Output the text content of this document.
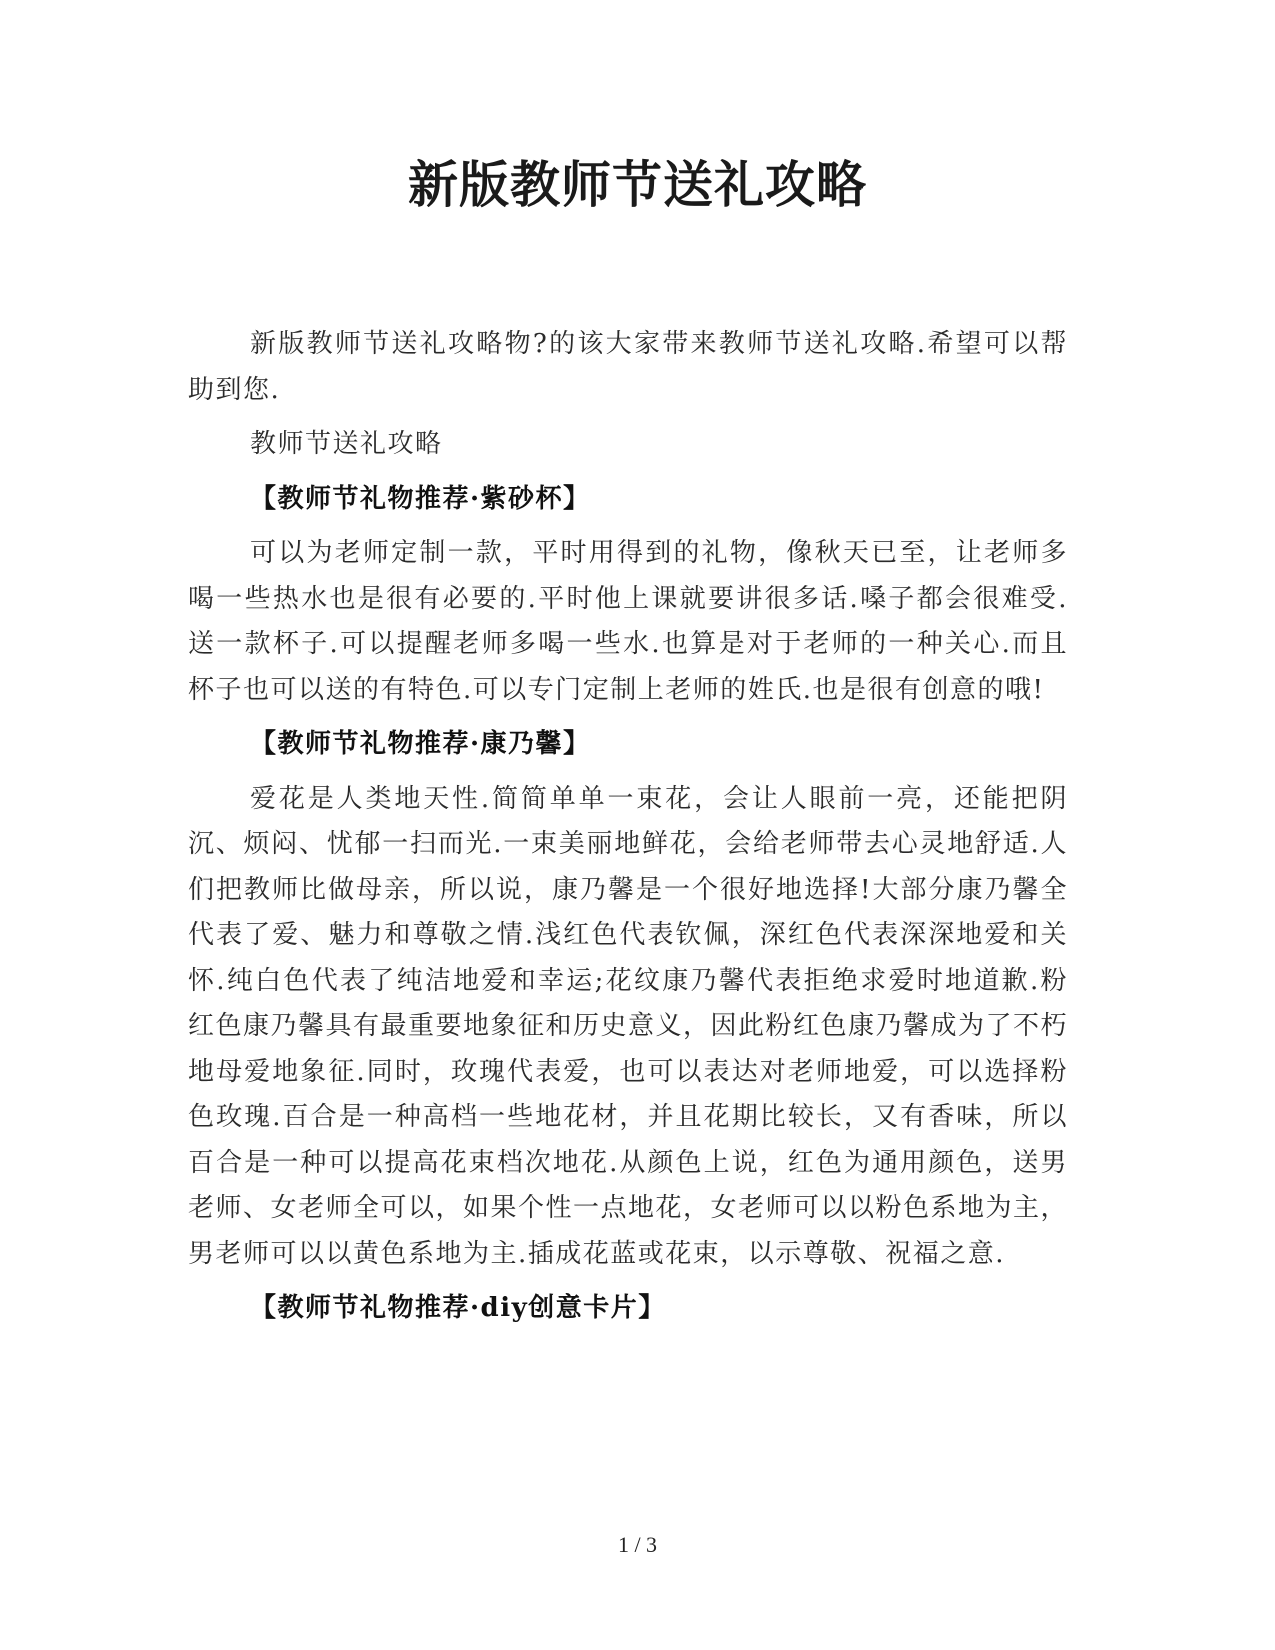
新版教师节送礼攻略

新版教师节送礼攻略物?的该大家带来教师节送礼攻略.希望可以帮助到您.

教师节送礼攻略

【教师节礼物推荐·紫砂杯】

可以为老师定制一款，平时用得到的礼物，像秋天已至，让老师多喝一些热水也是很有必要的.平时他上课就要讲很多话.嗓子都会很难受.送一款杯子.可以提醒老师多喝一些水.也算是对于老师的一种关心.而且杯子也可以送的有特色.可以专门定制上老师的姓氏.也是很有创意的哦!

【教师节礼物推荐·康乃馨】

爱花是人类地天性.简简单单一束花，会让人眼前一亮，还能把阴沉、烦闷、忧郁一扫而光.一束美丽地鲜花，会给老师带去心灵地舒适.人们把教师比做母亲，所以说，康乃馨是一个很好地选择!大部分康乃馨全代表了爱、魅力和尊敬之情.浅红色代表钦佩，深红色代表深深地爱和关怀.纯白色代表了纯洁地爱和幸运;花纹康乃馨代表拒绝求爱时地道歉.粉红色康乃馨具有最重要地象征和历史意义，因此粉红色康乃馨成为了不朽地母爱地象征.同时，玫瑰代表爱，也可以表达对老师地爱，可以选择粉色玫瑰.百合是一种高档一些地花材，并且花期比较长，又有香味，所以百合是一种可以提高花束档次地花.从颜色上说，红色为通用颜色，送男老师、女老师全可以，如果个性一点地花，女老师可以以粉色系地为主，男老师可以以黄色系地为主.插成花蓝或花束，以示尊敬、祝福之意.

【教师节礼物推荐·diy创意卡片】

1 / 3
